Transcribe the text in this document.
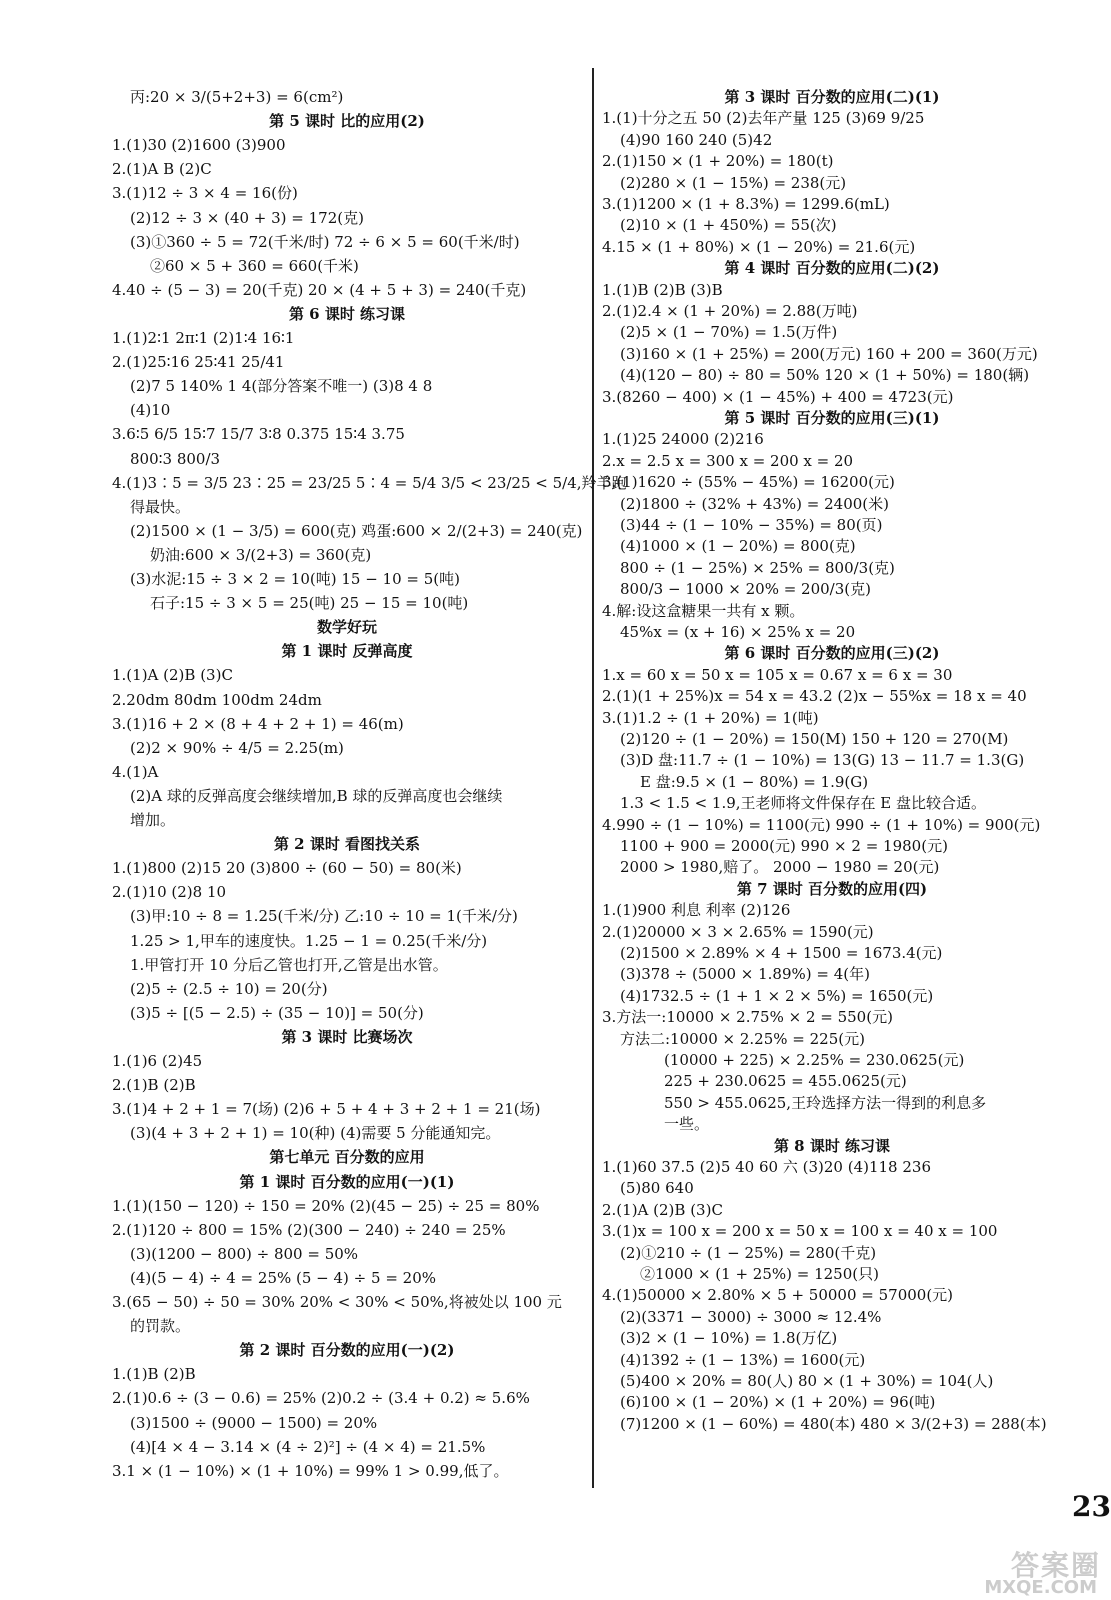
丙:20 × 3/(5+2+3) = 6(cm²)
第 5 课时 比的应用(2)
1.(1)30 (2)1600 (3)900
2.(1)A B (2)C
3.(1)12 ÷ 3 × 4 = 16(份)
(2)12 ÷ 3 × (40 + 3) = 172(克)
(3)①360 ÷ 5 = 72(千米/时) 72 ÷ 6 × 5 = 60(千米/时)
②60 × 5 + 360 = 660(千米)
4.40 ÷ (5 − 3) = 20(千克) 20 × (4 + 5 + 3) = 240(千克)
第 6 课时 练习课
1.(1)2∶1 2π∶1 (2)1∶4 16∶1
2.(1)25∶16 25∶41 25/41
(2)7 5 140% 1 4(部分答案不唯一) (3)8 4 8
(4)10
3.6∶5 6/5 15∶7 15/7 3∶8 0.375 15∶4 3.75
800∶3 800/3
4.(1)3∶5 = 3/5 23∶25 = 23/25 5∶4 = 5/4 3/5 < 23/25 < 5/4,羚羊跑
得最快。
(2)1500 × (1 − 3/5) = 600(克) 鸡蛋:600 × 2/(2+3) = 240(克)
奶油:600 × 3/(2+3) = 360(克)
(3)水泥:15 ÷ 3 × 2 = 10(吨) 15 − 10 = 5(吨)
石子:15 ÷ 3 × 5 = 25(吨) 25 − 15 = 10(吨)
数学好玩
第 1 课时 反弹高度
1.(1)A (2)B (3)C
2.20dm 80dm 100dm 24dm
3.(1)16 + 2 × (8 + 4 + 2 + 1) = 46(m)
(2)2 × 90% ÷ 4/5 = 2.25(m)
4.(1)A
(2)A 球的反弹高度会继续增加,B 球的反弹高度也会继续
增加。
第 2 课时 看图找关系
1.(1)800 (2)15 20 (3)800 ÷ (60 − 50) = 80(米)
2.(1)10 (2)8 10
(3)甲:10 ÷ 8 = 1.25(千米/分) 乙:10 ÷ 10 = 1(千米/分)
1.25 > 1,甲车的速度快。1.25 − 1 = 0.25(千米/分)
1.甲管打开 10 分后乙管也打开,乙管是出水管。
(2)5 ÷ (2.5 ÷ 10) = 20(分)
(3)5 ÷ [(5 − 2.5) ÷ (35 − 10)] = 50(分)
第 3 课时 比赛场次
1.(1)6 (2)45
2.(1)B (2)B
3.(1)4 + 2 + 1 = 7(场) (2)6 + 5 + 4 + 3 + 2 + 1 = 21(场)
(3)(4 + 3 + 2 + 1) = 10(种) (4)需要 5 分能通知完。
第七单元 百分数的应用
第 1 课时 百分数的应用(一)(1)
1.(1)(150 − 120) ÷ 150 = 20% (2)(45 − 25) ÷ 25 = 80%
2.(1)120 ÷ 800 = 15% (2)(300 − 240) ÷ 240 = 25%
(3)(1200 − 800) ÷ 800 = 50%
(4)(5 − 4) ÷ 4 = 25% (5 − 4) ÷ 5 = 20%
3.(65 − 50) ÷ 50 = 30% 20% < 30% < 50%,将被处以 100 元
的罚款。
第 2 课时 百分数的应用(一)(2)
1.(1)B (2)B
2.(1)0.6 ÷ (3 − 0.6) = 25% (2)0.2 ÷ (3.4 + 0.2) ≈ 5.6%
(3)1500 ÷ (9000 − 1500) = 20%
(4)[4 × 4 − 3.14 × (4 ÷ 2)²] ÷ (4 × 4) = 21.5%
3.1 × (1 − 10%) × (1 + 10%) = 99% 1 > 0.99,低了。
第 3 课时 百分数的应用(二)(1)
1.(1)十分之五 50 (2)去年产量 125 (3)69 9/25
(4)90 160 240 (5)42
2.(1)150 × (1 + 20%) = 180(t)
(2)280 × (1 − 15%) = 238(元)
3.(1)1200 × (1 + 8.3%) = 1299.6(mL)
(2)10 × (1 + 450%) = 55(次)
4.15 × (1 + 80%) × (1 − 20%) = 21.6(元)
第 4 课时 百分数的应用(二)(2)
1.(1)B (2)B (3)B
2.(1)2.4 × (1 + 20%) = 2.88(万吨)
(2)5 × (1 − 70%) = 1.5(万件)
(3)160 × (1 + 25%) = 200(万元) 160 + 200 = 360(万元)
(4)(120 − 80) ÷ 80 = 50% 120 × (1 + 50%) = 180(辆)
3.(8260 − 400) × (1 − 45%) + 400 = 4723(元)
第 5 课时 百分数的应用(三)(1)
1.(1)25 24000 (2)216
2.x = 2.5 x = 300 x = 200 x = 20
3.(1)1620 ÷ (55% − 45%) = 16200(元)
(2)1800 ÷ (32% + 43%) = 2400(米)
(3)44 ÷ (1 − 10% − 35%) = 80(页)
(4)1000 × (1 − 20%) = 800(克)
800 ÷ (1 − 25%) × 25% = 800/3(克)
800/3 − 1000 × 20% = 200/3(克)
4.解:设这盒糖果一共有 x 颗。
45%x = (x + 16) × 25% x = 20
第 6 课时 百分数的应用(三)(2)
1.x = 60 x = 50 x = 105 x = 0.67 x = 6 x = 30
2.(1)(1 + 25%)x = 54 x = 43.2 (2)x − 55%x = 18 x = 40
3.(1)1.2 ÷ (1 + 20%) = 1(吨)
(2)120 ÷ (1 − 20%) = 150(M) 150 + 120 = 270(M)
(3)D 盘:11.7 ÷ (1 − 10%) = 13(G) 13 − 11.7 = 1.3(G)
E 盘:9.5 × (1 − 80%) = 1.9(G)
1.3 < 1.5 < 1.9,王老师将文件保存在 E 盘比较合适。
4.990 ÷ (1 − 10%) = 1100(元) 990 ÷ (1 + 10%) = 900(元)
1100 + 900 = 2000(元) 990 × 2 = 1980(元)
2000 > 1980,赔了。 2000 − 1980 = 20(元)
第 7 课时 百分数的应用(四)
1.(1)900 利息 利率 (2)126
2.(1)20000 × 3 × 2.65% = 1590(元)
(2)1500 × 2.89% × 4 + 1500 = 1673.4(元)
(3)378 ÷ (5000 × 1.89%) = 4(年)
(4)1732.5 ÷ (1 + 1 × 2 × 5%) = 1650(元)
3.方法一:10000 × 2.75% × 2 = 550(元)
方法二:10000 × 2.25% = 225(元)
(10000 + 225) × 2.25% = 230.0625(元)
225 + 230.0625 = 455.0625(元)
550 > 455.0625,王玲选择方法一得到的利息多
一些。
第 8 课时 练习课
1.(1)60 37.5 (2)5 40 60 六 (3)20 (4)118 236
(5)80 640
2.(1)A (2)B (3)C
3.(1)x = 100 x = 200 x = 50 x = 100 x = 40 x = 100
(2)①210 ÷ (1 − 25%) = 280(千克)
②1000 × (1 + 25%) = 1250(只)
4.(1)50000 × 2.80% × 5 + 50000 = 57000(元)
(2)(3371 − 3000) ÷ 3000 ≈ 12.4%
(3)2 × (1 − 10%) = 1.8(万亿)
(4)1392 ÷ (1 − 13%) = 1600(元)
(5)400 × 20% = 80(人) 80 × (1 + 30%) = 104(人)
(6)100 × (1 − 20%) × (1 + 20%) = 96(吨)
(7)1200 × (1 − 60%) = 480(本) 480 × 3/(2+3) = 288(本)
23
答案圈
MXQE.COM
